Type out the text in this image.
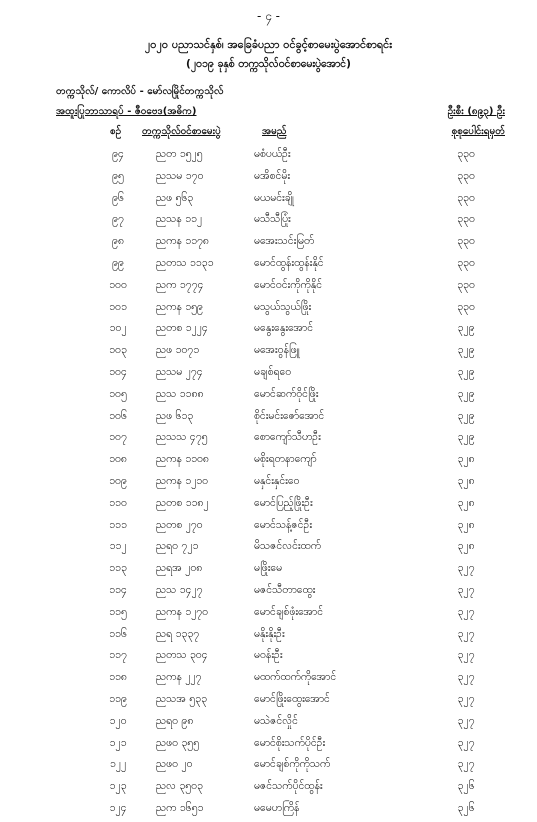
- ၄ -
၂၀၂၀ ပညာသင်နှစ်၊ အခြေခံပညာ ဝင်ခွင့်စာမေးပွဲအောင်စာရင်း
(၂၀၁၉ ခုနှစ် တက္ကသိုလ်ဝင်စာမေးပွဲအောင်)
တက္ကသိုလ်/ ကောလိပ် - မော်လမြိုင်တက္ကသိုလ်
အထူးပြုဘာသာရပ် - ဇီဝဗေဒ(အဓိက)	ဦးစီး (၈၉၃) ဦး
စဉ် တက္ကသိုလ်ဝင်စာမေးပွဲ	အမည်	စုစုပေါင်းရမှတ်
၉၄	ညတ ၁၅၂၅	မစံပယ်ဦး	၃၃၀
၉၅	ညသမ ၁၇၀	မအိစင်မိုး	၃၃၀
၉၆	ညဖ ၅၆၃	မယမင်းချို	၃၃၀
၉၇	ညသန ၁၁၂	မသီသီပြုံး	၃၃၀
၉၈	ညကန ၁၁၇၈	မအေးသင်းမြတ်	၃၃၀
၉၉	ညတသ ၁၁၃၁	မောင်ထွန်းထွန်းနိုင်	၃၃၀
၁၀၀	ညက ၁၇၇၄	မောင်ဝင်းကိုကိုနိုင်	၃၃၀
၁၀၁	ညကန ၁၅၉	မသွယ်သွယ်ဖြိုး	၃၃၀
၁၀၂	ညတစ ၁၂၂၄	မနွေးနွေးအောင်	၃၂၉
၁၀၃	ညဖ ၁၀၇၁	မအေးဝွန်ဖြူ	၃၂၉
၁၀၄	ညသမ ၂၇၄	မချစ်ရဝေ	၃၂၉
၁၀၅	ညသ ၁၁၈၈	မောင်ဆက်ဝိုင်ဖြိုး	၃၂၉
၁၀၆	ညဖ ၆၁၃	စိုင်းမင်းဇော်အောင်	၃၂၉
၁၀၇	ညသသ ၄၇၅	စောကျော်သီဟဦး	၃၂၉
၁၀၈	ညကန ၁၁၀၈	မစိုးရတနာကျော်	၃၂၈
၁၀၉	ညကန ၁၂၁၀	မနှင်းနှင်းဝေ	၃၂၈
၁၁၀	ညတစ ၁၁၈၂	မောင်ပြည့်ဖြိုးဦး	၃၂၈
၁၁၁	ညတစ ၂၇၀	မောင်သန့်ဇင်ဦး	၃၂၈
၁၁၂	ညရဝ ၇၂၁	မိသဇင်လင်းထက်	၃၂၈
၁၁၃	ညရအ ၂၀၈	မဖြိုးမေ	၃၂၇
၁၁၄	ညသ ၁၄၂၇	မဇင်သီတာထွေး	၃၂၇
၁၁၅	ညကန ၁၂၇၀	မောင်ချစ်ဖုံးအောင်	၃၂၇
၁၁၆	ညရ ၁၃၃၇	မနိုးနိုးဦး	၃၂၇
၁၁၇	ညတသ ၃၀၄	မဝန်းဦး	၃၂၇
၁၁၈	ညကန ၂၂၇	မထက်ထက်ကိုအောင်	၃၂၇
၁၁၉	ညသအ ၅၃၃	မောင်ဖြိုးထွေးအောင်	၃၂၇
၁၂၀	ညရဝ ၉၈	မသဲဇင်လှိုင်	၃၂၇
၁၂၁	ညဖဝ ၃၅၅	မောင်စိုးသက်ပိုင်ဦး	၃၂၇
၁၂၂	ညဖဝ ၂၀	မောင်ချစ်ကိုကိုသက်	၃၂၇
၁၂၃	ညလ ၃၅၀၃	မဇင်သက်ပိုင်ထွန်း	၃၂၆
၁၂၄	ညက ၁၆၅၁	မမေဟကြိန်	၃၂၆
